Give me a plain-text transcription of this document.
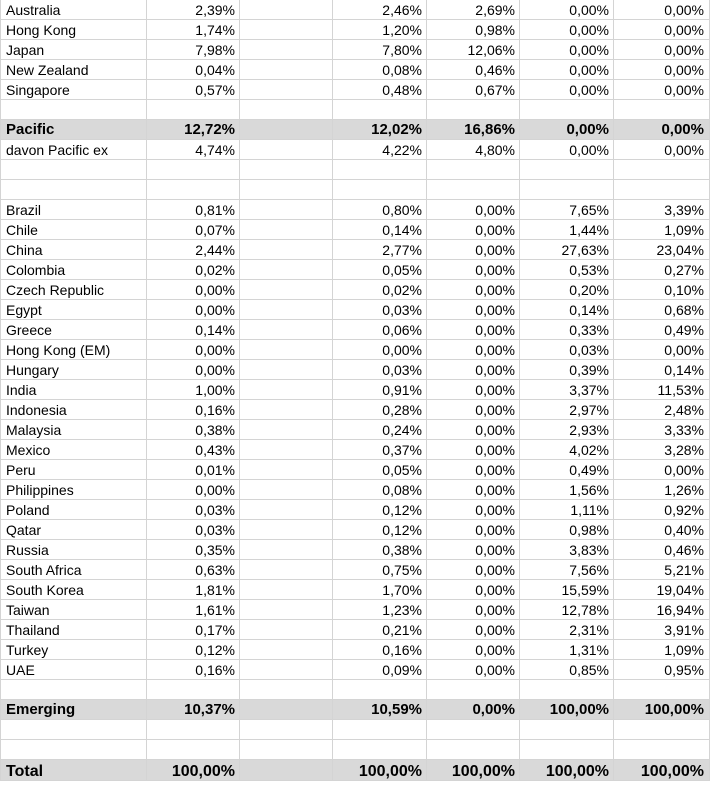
Australia	2,39%	2,46%	2,69%	0,00%	0,00%
Hong Kong	1,74%	1,20%	0,98%	0,00%	0,00%
Japan	7,98%	7,80%	12,06%	0,00%	0,00%
New Zealand	0,04%	0,08%	0,46%	0,00%	0,00%
Singapore	0,57%	0,48%	0,67%	0,00%	0,00%
Pacific	12,72%	12,02%	16,86%	0,00%	0,00%
davon Pacific ex	4,74%	4,22%	4,80%	0,00%	0,00%
Brazil	0,81%	0,80%	0,00%	7,65%	3,39%
Chile	0,07%	0,14%	0,00%	1,44%	1,09%
China	2,44%	2,77%	0,00%	27,63%	23,04%
Colombia	0,02%	0,05%	0,00%	0,53%	0,27%
Czech Republic	0,00%	0,02%	0,00%	0,20%	0,10%
Egypt	0,00%	0,03%	0,00%	0,14%	0,68%
Greece	0,14%	0,06%	0,00%	0,33%	0,49%
Hong Kong (EM)	0,00%	0,00%	0,00%	0,03%	0,00%
Hungary	0,00%	0,03%	0,00%	0,39%	0,14%
India	1,00%	0,91%	0,00%	3,37%	11,53%
Indonesia	0,16%	0,28%	0,00%	2,97%	2,48%
Malaysia	0,38%	0,24%	0,00%	2,93%	3,33%
Mexico	0,43%	0,37%	0,00%	4,02%	3,28%
Peru	0,01%	0,05%	0,00%	0,49%	0,00%
Philippines	0,00%	0,08%	0,00%	1,56%	1,26%
Poland	0,03%	0,12%	0,00%	1,11%	0,92%
Qatar	0,03%	0,12%	0,00%	0,98%	0,40%
Russia	0,35%	0,38%	0,00%	3,83%	0,46%
South Africa	0,63%	0,75%	0,00%	7,56%	5,21%
South Korea	1,81%	1,70%	0,00%	15,59%	19,04%
Taiwan	1,61%	1,23%	0,00%	12,78%	16,94%
Thailand	0,17%	0,21%	0,00%	2,31%	3,91%
Turkey	0,12%	0,16%	0,00%	1,31%	1,09%
UAE	0,16%	0,09%	0,00%	0,85%	0,95%
Emerging	10,37%	10,59%	0,00%	100,00%	100,00%
Total	100,00%	100,00%	100,00%	100,00%	100,00%
